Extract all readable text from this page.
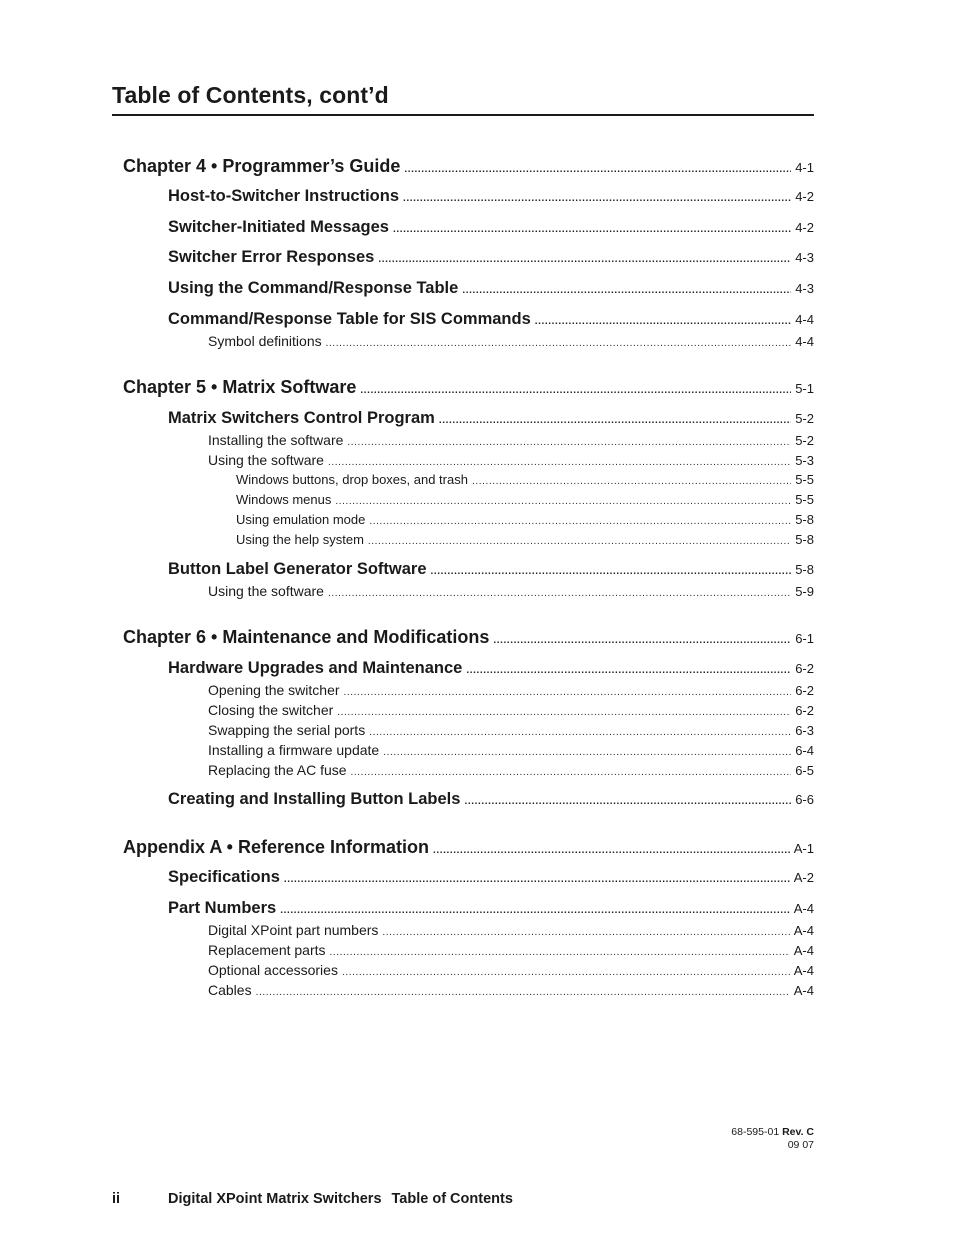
Table of Contents, cont’d
Chapter 4 • Programmer’s Guide .....	4-1
Host-to-Switcher Instructions .....	4-2
Switcher-Initiated Messages .....	4-2
Switcher Error Responses .....	4-3
Using the Command/Response Table .....	4-3
Command/Response Table for SIS Commands .....	4-4
Symbol definitions .....	4-4
Chapter 5 • Matrix Software .....	5-1
Matrix Switchers Control Program .....	5-2
Installing the software .....	5-2
Using the software .....	5-3
Windows buttons, drop boxes, and trash .....	5-5
Windows menus .....	5-5
Using emulation mode .....	5-8
Using the help system .....	5-8
Button Label Generator Software .....	5-8
Using the software .....	5-9
Chapter 6 • Maintenance and Modifications .....	6-1
Hardware Upgrades and Maintenance .....	6-2
Opening the switcher .....	6-2
Closing the switcher .....	6-2
Swapping the serial ports .....	6-3
Installing a firmware update .....	6-4
Replacing the AC fuse .....	6-5
Creating and Installing Button Labels .....	6-6
Appendix A • Reference Information .....	A-1
Specifications .....	A-2
Part Numbers .....	A-4
Digital XPoint part numbers .....	A-4
Replacement parts .....	A-4
Optional accessories .....	A-4
Cables .....	A-4
68-595-01 Rev. C
09 07
ii	Digital XPoint Matrix Switchers Table of Contents
